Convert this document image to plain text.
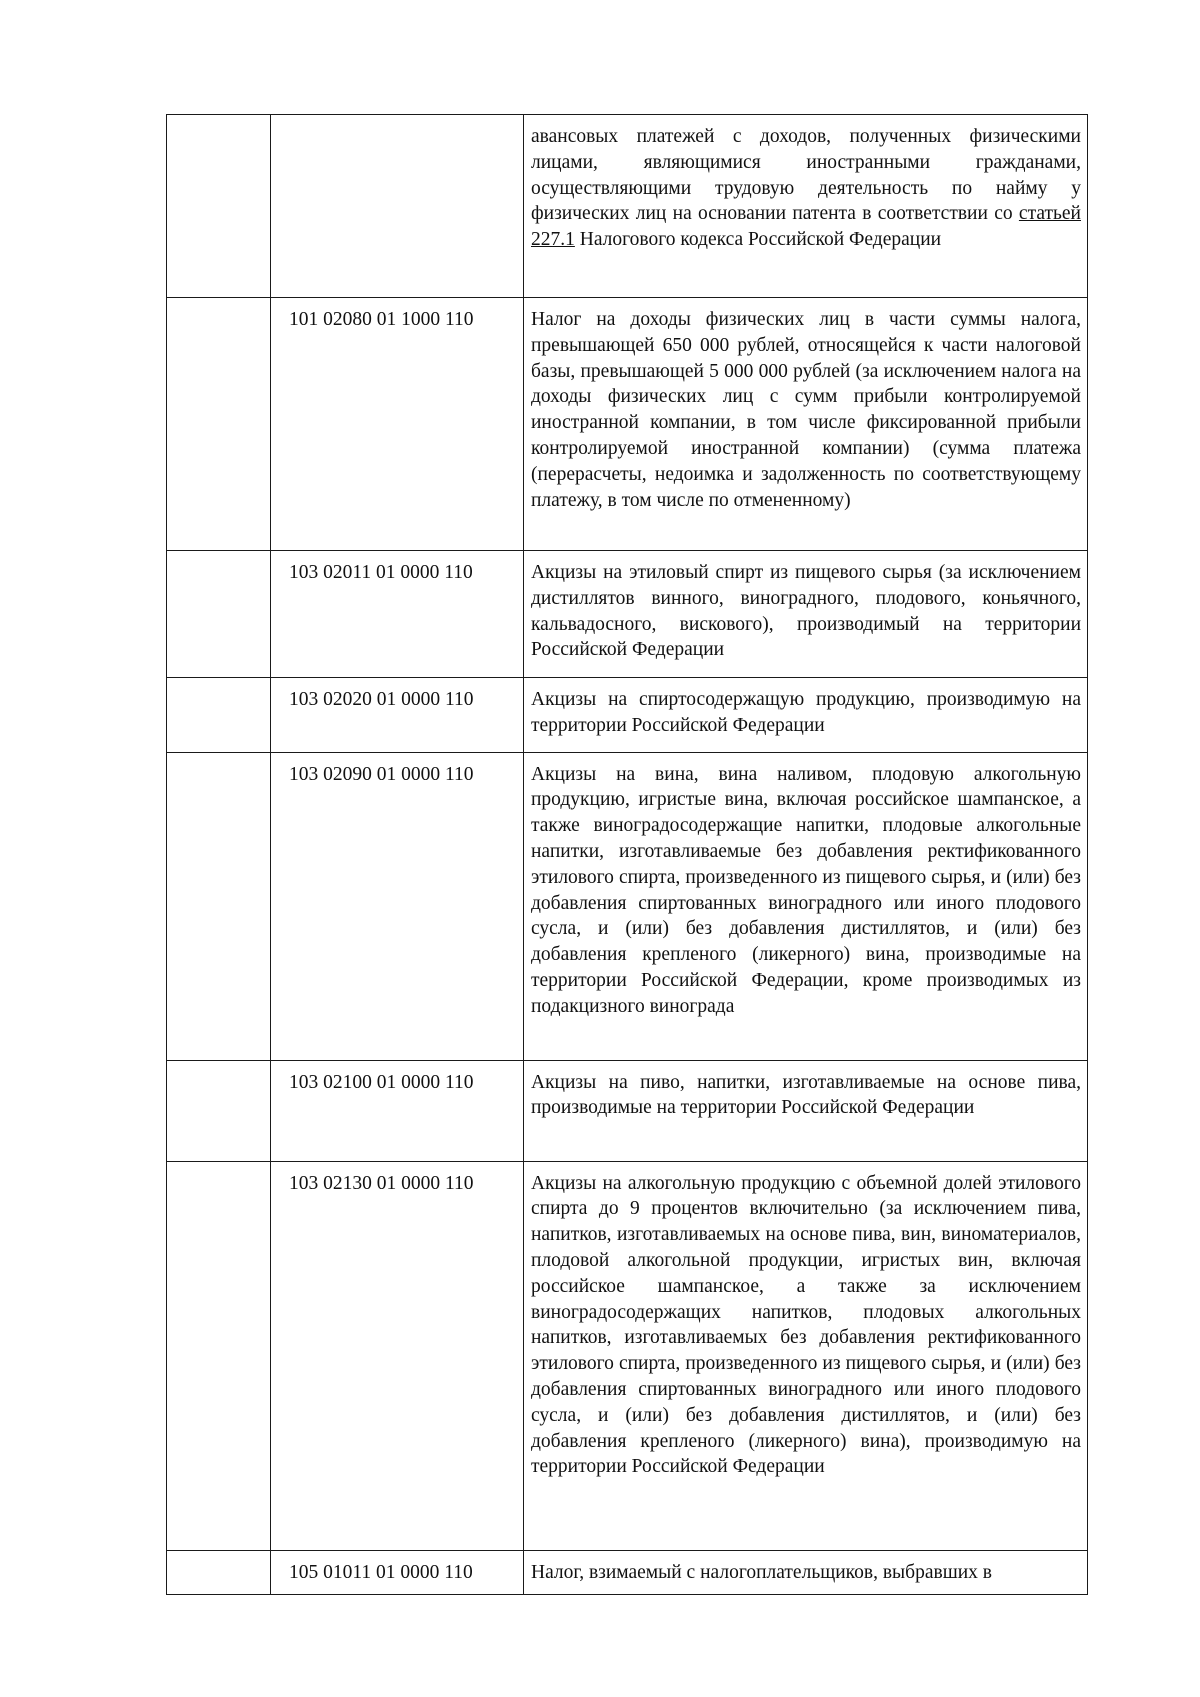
		авансовых платежей с доходов, полученных физическими лицами, являющимися иностранными гражданами, осуществляющими трудовую деятельность по найму у физических лиц на основании патента в соответствии со статьей 227.1 Налогового кодекса Российской Федерации
	101 02080 01 1000 110	Налог на доходы физических лиц в части суммы налога, превышающей 650 000 рублей, относящейся к части налоговой базы, превышающей 5 000 000 рублей (за исключением налога на доходы физических лиц с сумм прибыли контролируемой иностранной компании, в том числе фиксированной прибыли контролируемой иностранной компании) (сумма платежа (перерасчеты, недоимка и задолженность по соответствующему платежу, в том числе по отмененному)
	103 02011 01 0000 110	Акцизы на этиловый спирт из пищевого сырья (за исключением дистиллятов винного, виноградного, плодового, коньячного, кальвадосного, вискового), производимый на территории Российской Федерации
	103 02020 01 0000 110	Акцизы на спиртосодержащую продукцию, производимую на территории Российской Федерации
	103 02090 01 0000 110	Акцизы на вина, вина наливом, плодовую алкогольную продукцию, игристые вина, включая российское шампанское, а также виноградосодержащие напитки, плодовые алкогольные напитки, изготавливаемые без добавления ректификованного этилового спирта, произведенного из пищевого сырья, и (или) без добавления спиртованных виноградного или иного плодового сусла, и (или) без добавления дистиллятов, и (или) без добавления крепленого (ликерного) вина, производимые на территории Российской Федерации, кроме производимых из подакцизного винограда
	103 02100 01 0000 110	Акцизы на пиво, напитки, изготавливаемые на основе пива, производимые на территории Российской Федерации
	103 02130 01 0000 110	Акцизы на алкогольную продукцию с объемной долей этилового спирта до 9 процентов включительно (за исключением пива, напитков, изготавливаемых на основе пива, вин, виноматериалов, плодовой алкогольной продукции, игристых вин, включая российское шампанское, а также за исключением виноградосодержащих напитков, плодовых алкогольных напитков, изготавливаемых без добавления ректификованного этилового спирта, произведенного из пищевого сырья, и (или) без добавления спиртованных виноградного или иного плодового сусла, и (или) без добавления дистиллятов, и (или) без добавления крепленого (ликерного) вина), производимую на территории Российской Федерации
	105 01011 01 0000 110	Налог, взимаемый с налогоплательщиков, выбравших в
